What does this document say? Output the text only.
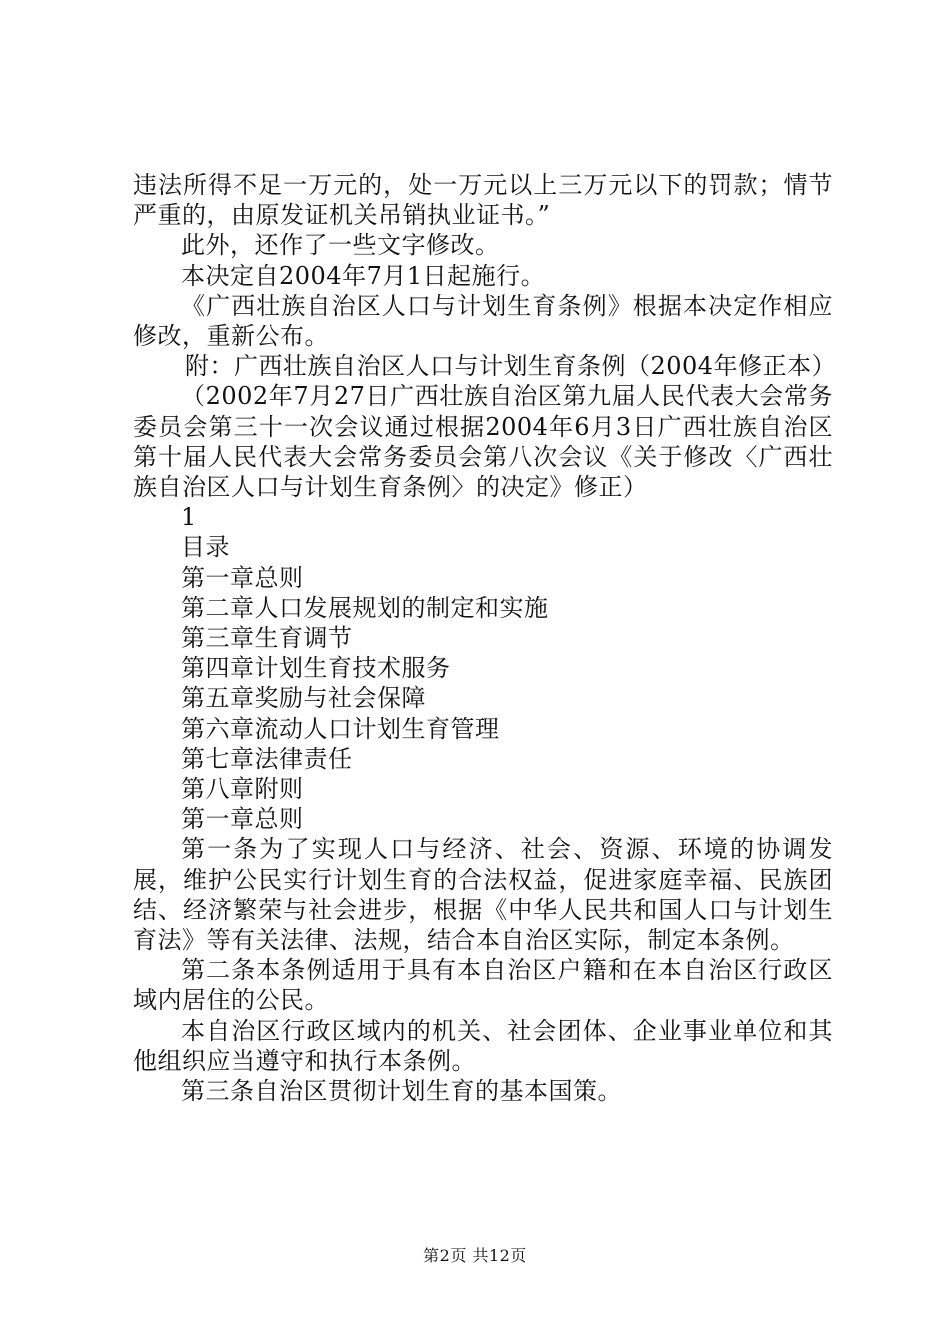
违法所得不足一万元的，处一万元以上三万元以下的罚款；情节严重的，由原发证机关吊销执业证书。”

此外，还作了一些文字修改。

本决定自2004年7月1日起施行。

《广西壮族自治区人口与计划生育条例》根据本决定作相应修改，重新公布。

附：广西壮族自治区人口与计划生育条例（2004年修正本）

（2002年7月27日广西壮族自治区第九届人民代表大会常务委员会第三十一次会议通过根据2004年6月3日广西壮族自治区第十届人民代表大会常务委员会第八次会议《关于修改〈广西壮族自治区人口与计划生育条例〉的决定》修正）

1

目录

第一章总则

第二章人口发展规划的制定和实施

第三章生育调节

第四章计划生育技术服务

第五章奖励与社会保障

第六章流动人口计划生育管理

第七章法律责任

第八章附则

第一章总则

第一条为了实现人口与经济、社会、资源、环境的协调发展，维护公民实行计划生育的合法权益，促进家庭幸福、民族团结、经济繁荣与社会进步，根据《中华人民共和国人口与计划生育法》等有关法律、法规，结合本自治区实际，制定本条例。

第二条本条例适用于具有本自治区户籍和在本自治区行政区域内居住的公民。

本自治区行政区域内的机关、社会团体、企业事业单位和其他组织应当遵守和执行本条例。

第三条自治区贯彻计划生育的基本国策。

第2页 共12页
